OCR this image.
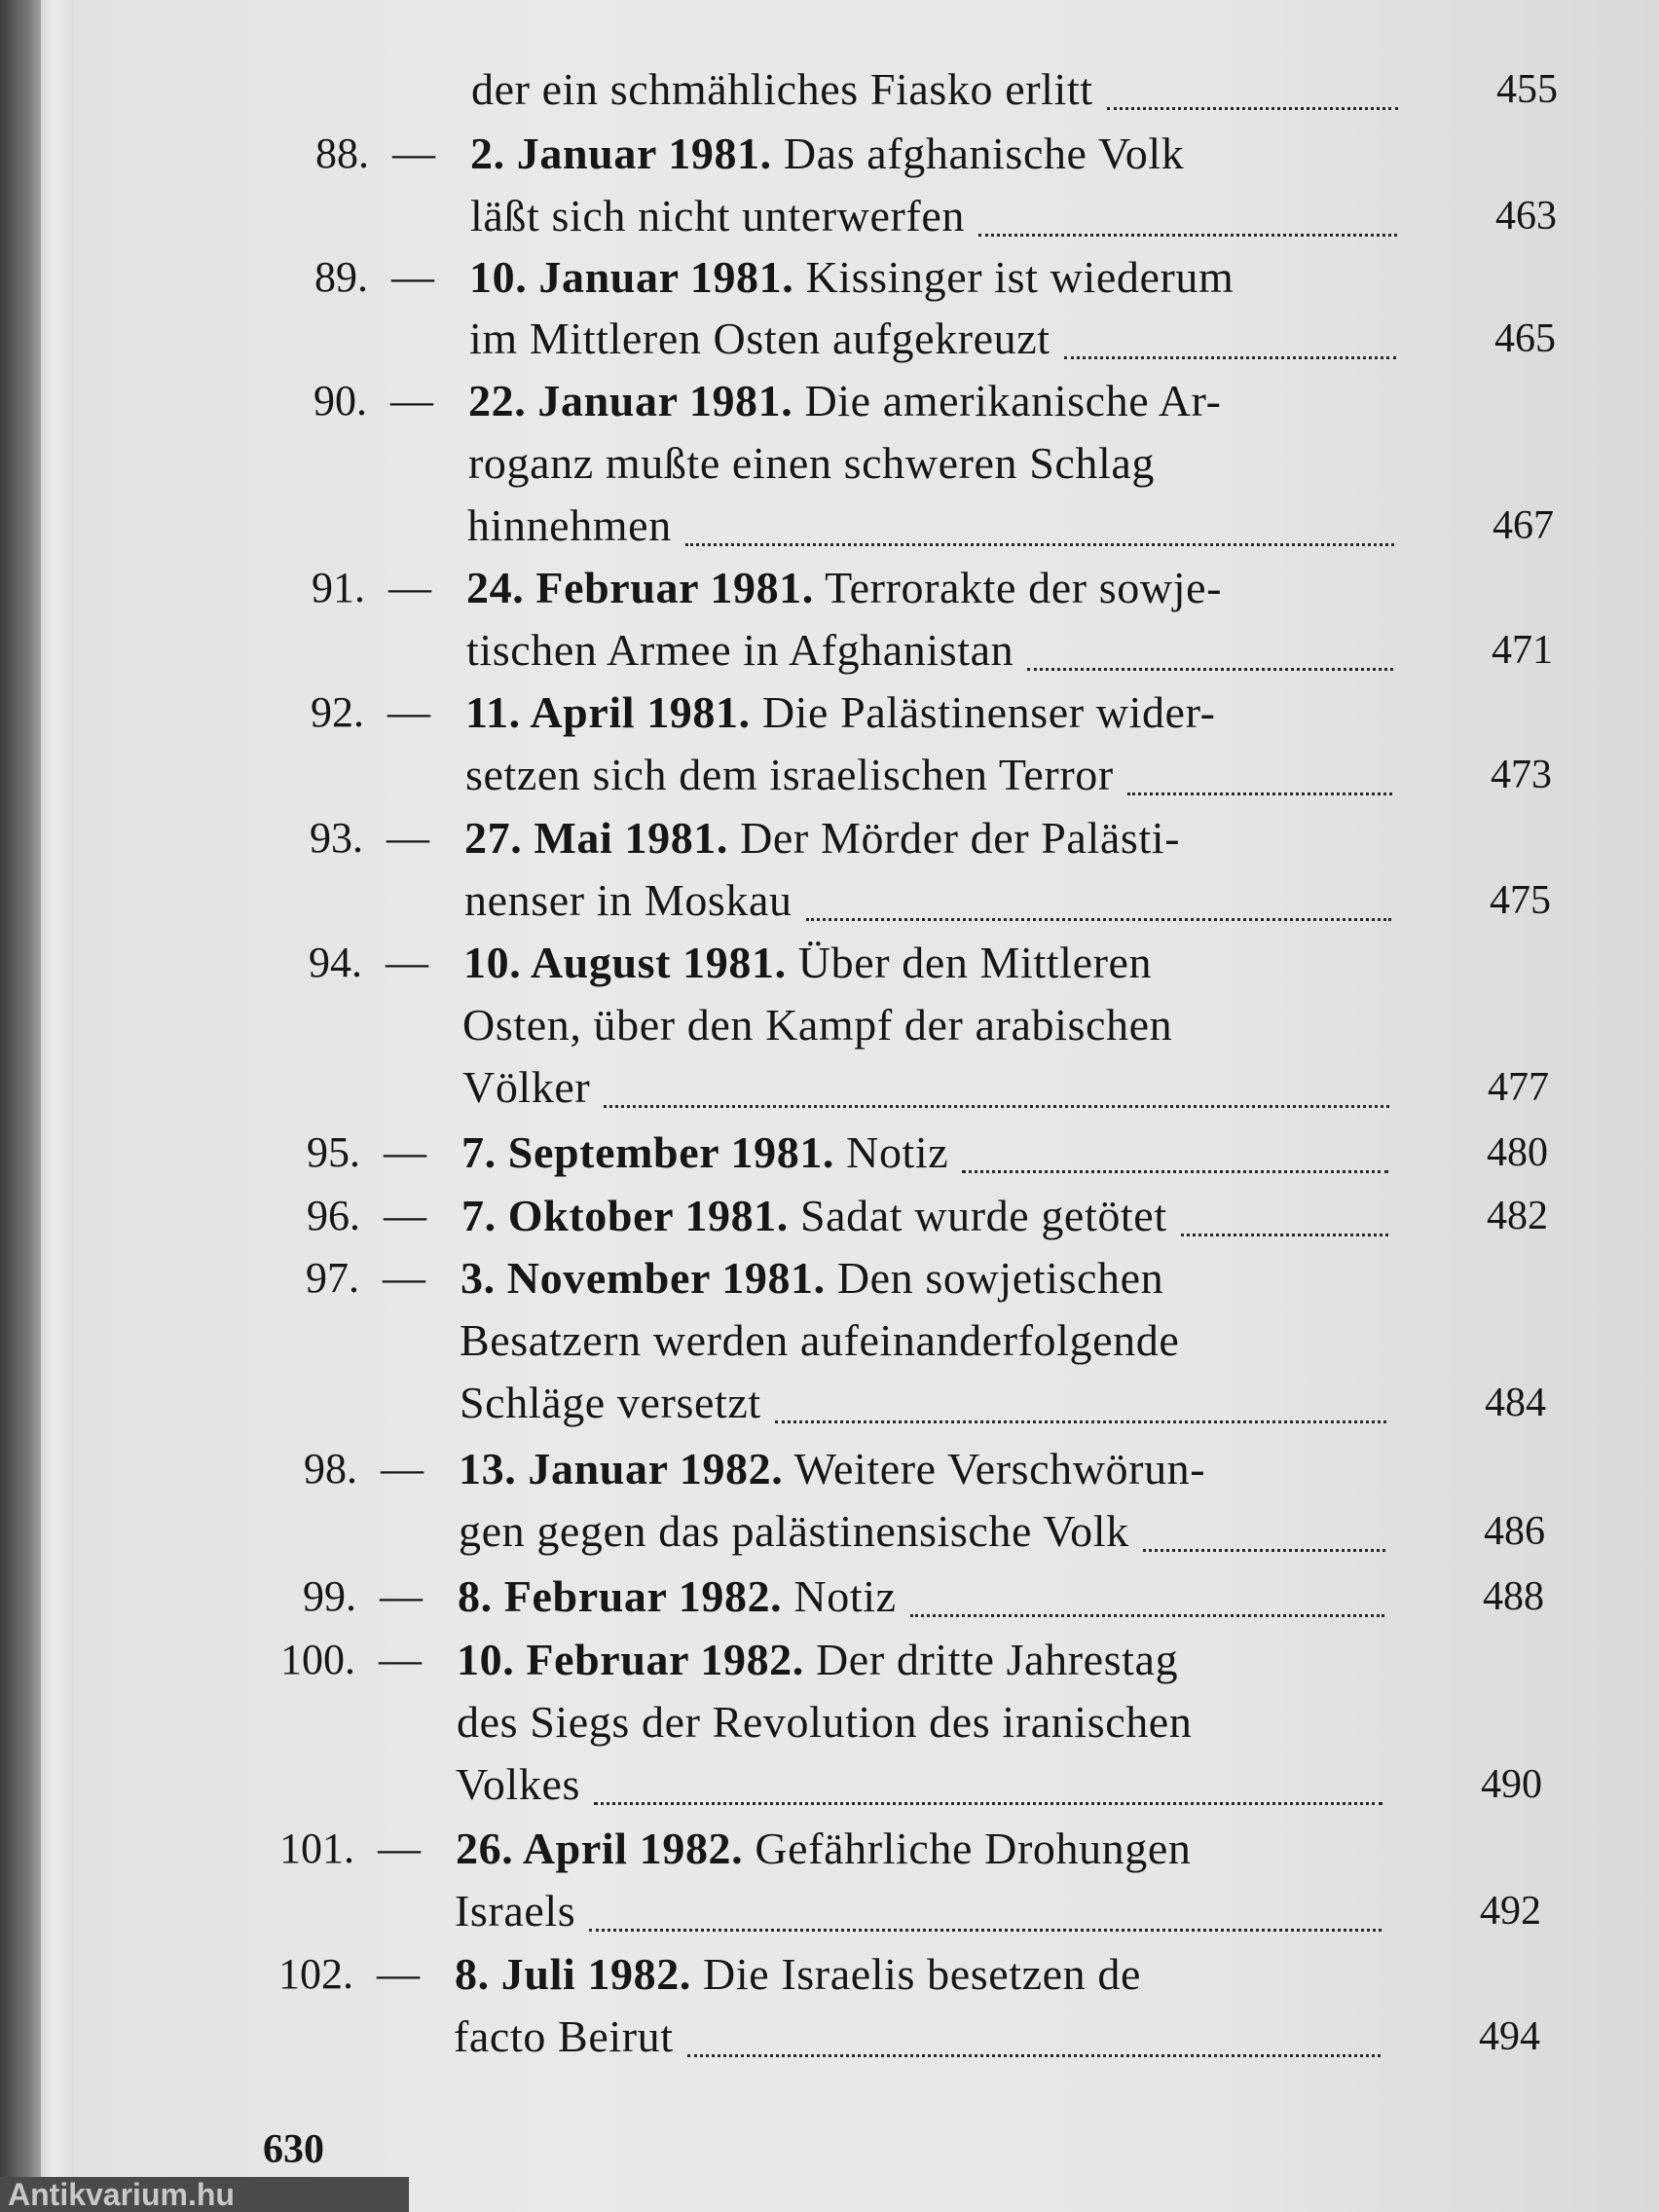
der ein schmähliches Fiasko erlitt	455
88. — 2. Januar 1981. Das afghanische Volk
läßt sich nicht unterwerfen	463
89. — 10. Januar 1981. Kissinger ist wiederum
im Mittleren Osten aufgekreuzt	465
90. — 22. Januar 1981. Die amerikanische Ar-
roganz mußte einen schweren Schlag
hinnehmen	467
91. — 24. Februar 1981. Terrorakte der sowje-
tischen Armee in Afghanistan	471
92. — 11. April 1981. Die Palästinenser wider-
setzen sich dem israelischen Terror	473
93. — 27. Mai 1981. Der Mörder der Palästi-
nenser in Moskau	475
94. — 10. August 1981. Über den Mittleren
Osten, über den Kampf der arabischen
Völker	477
95. — 7. September 1981. Notiz	480
96. — 7. Oktober 1981. Sadat wurde getötet	482
97. — 3. November 1981. Den sowjetischen
Besatzern werden aufeinanderfolgende
Schläge versetzt	484
98. — 13. Januar 1982. Weitere Verschwörun-
gen gegen das palästinensische Volk	486
99. — 8. Februar 1982. Notiz	488
100. — 10. Februar 1982. Der dritte Jahrestag
des Siegs der Revolution des iranischen
Volkes	490
101. — 26. April 1982. Gefährliche Drohungen
Israels	492
102. — 8. Juli 1982. Die Israelis besetzen de
facto Beirut	494
630
Antikvarium.hu
